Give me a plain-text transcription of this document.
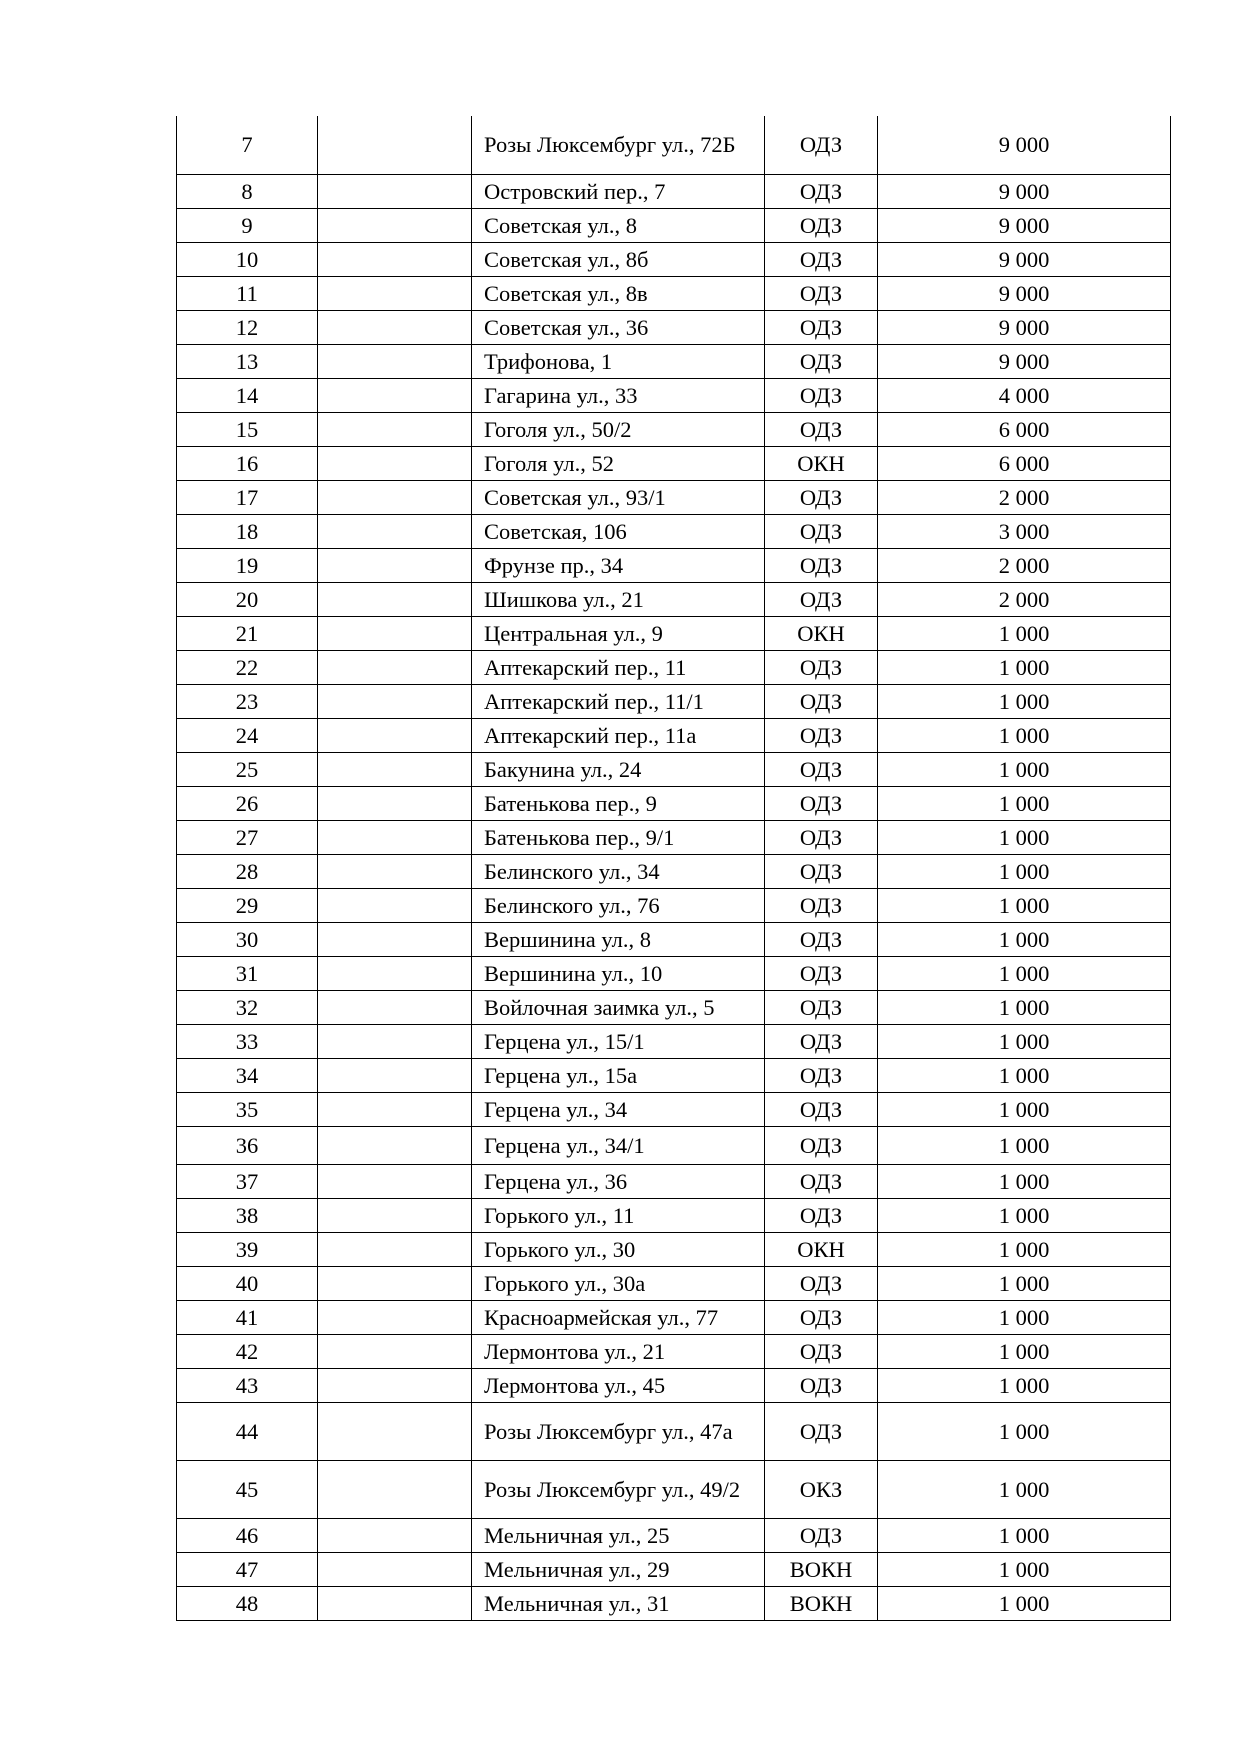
7		Розы Люксембург ул., 72Б	ОДЗ	9 000
8		Островский пер., 7	ОДЗ	9 000
9		Советская ул., 8	ОДЗ	9 000
10		Советская ул., 8б	ОДЗ	9 000
11		Советская ул., 8в	ОДЗ	9 000
12		Советская ул., 36	ОДЗ	9 000
13		Трифонова, 1	ОДЗ	9 000
14		Гагарина ул., 33	ОДЗ	4 000
15		Гоголя ул., 50/2	ОДЗ	6 000
16		Гоголя ул., 52	ОКН	6 000
17		Советская ул., 93/1	ОДЗ	2 000
18		Советская, 106	ОДЗ	3 000
19		Фрунзе пр., 34	ОДЗ	2 000
20		Шишкова ул., 21	ОДЗ	2 000
21		Центральная ул., 9	ОКН	1 000
22		Аптекарский пер., 11	ОДЗ	1 000
23		Аптекарский пер., 11/1	ОДЗ	1 000
24		Аптекарский пер., 11а	ОДЗ	1 000
25		Бакунина ул., 24	ОДЗ	1 000
26		Батенькова пер., 9	ОДЗ	1 000
27		Батенькова пер., 9/1	ОДЗ	1 000
28		Белинского ул., 34	ОДЗ	1 000
29		Белинского ул., 76	ОДЗ	1 000
30		Вершинина ул., 8	ОДЗ	1 000
31		Вершинина ул., 10	ОДЗ	1 000
32		Войлочная заимка ул., 5	ОДЗ	1 000
33		Герцена ул., 15/1	ОДЗ	1 000
34		Герцена ул., 15а	ОДЗ	1 000
35		Герцена ул., 34	ОДЗ	1 000
36		Герцена ул., 34/1	ОДЗ	1 000
37		Герцена ул., 36	ОДЗ	1 000
38		Горького ул., 11	ОДЗ	1 000
39		Горького ул., 30	ОКН	1 000
40		Горького ул., 30а	ОДЗ	1 000
41		Красноармейская ул., 77	ОДЗ	1 000
42		Лермонтова ул., 21	ОДЗ	1 000
43		Лермонтова ул., 45	ОДЗ	1 000
44		Розы Люксембург ул., 47а	ОДЗ	1 000
45		Розы Люксембург ул., 49/2	ОКЗ	1 000
46		Мельничная ул., 25	ОДЗ	1 000
47		Мельничная ул., 29	ВОКН	1 000
48		Мельничная ул., 31	ВОКН	1 000
